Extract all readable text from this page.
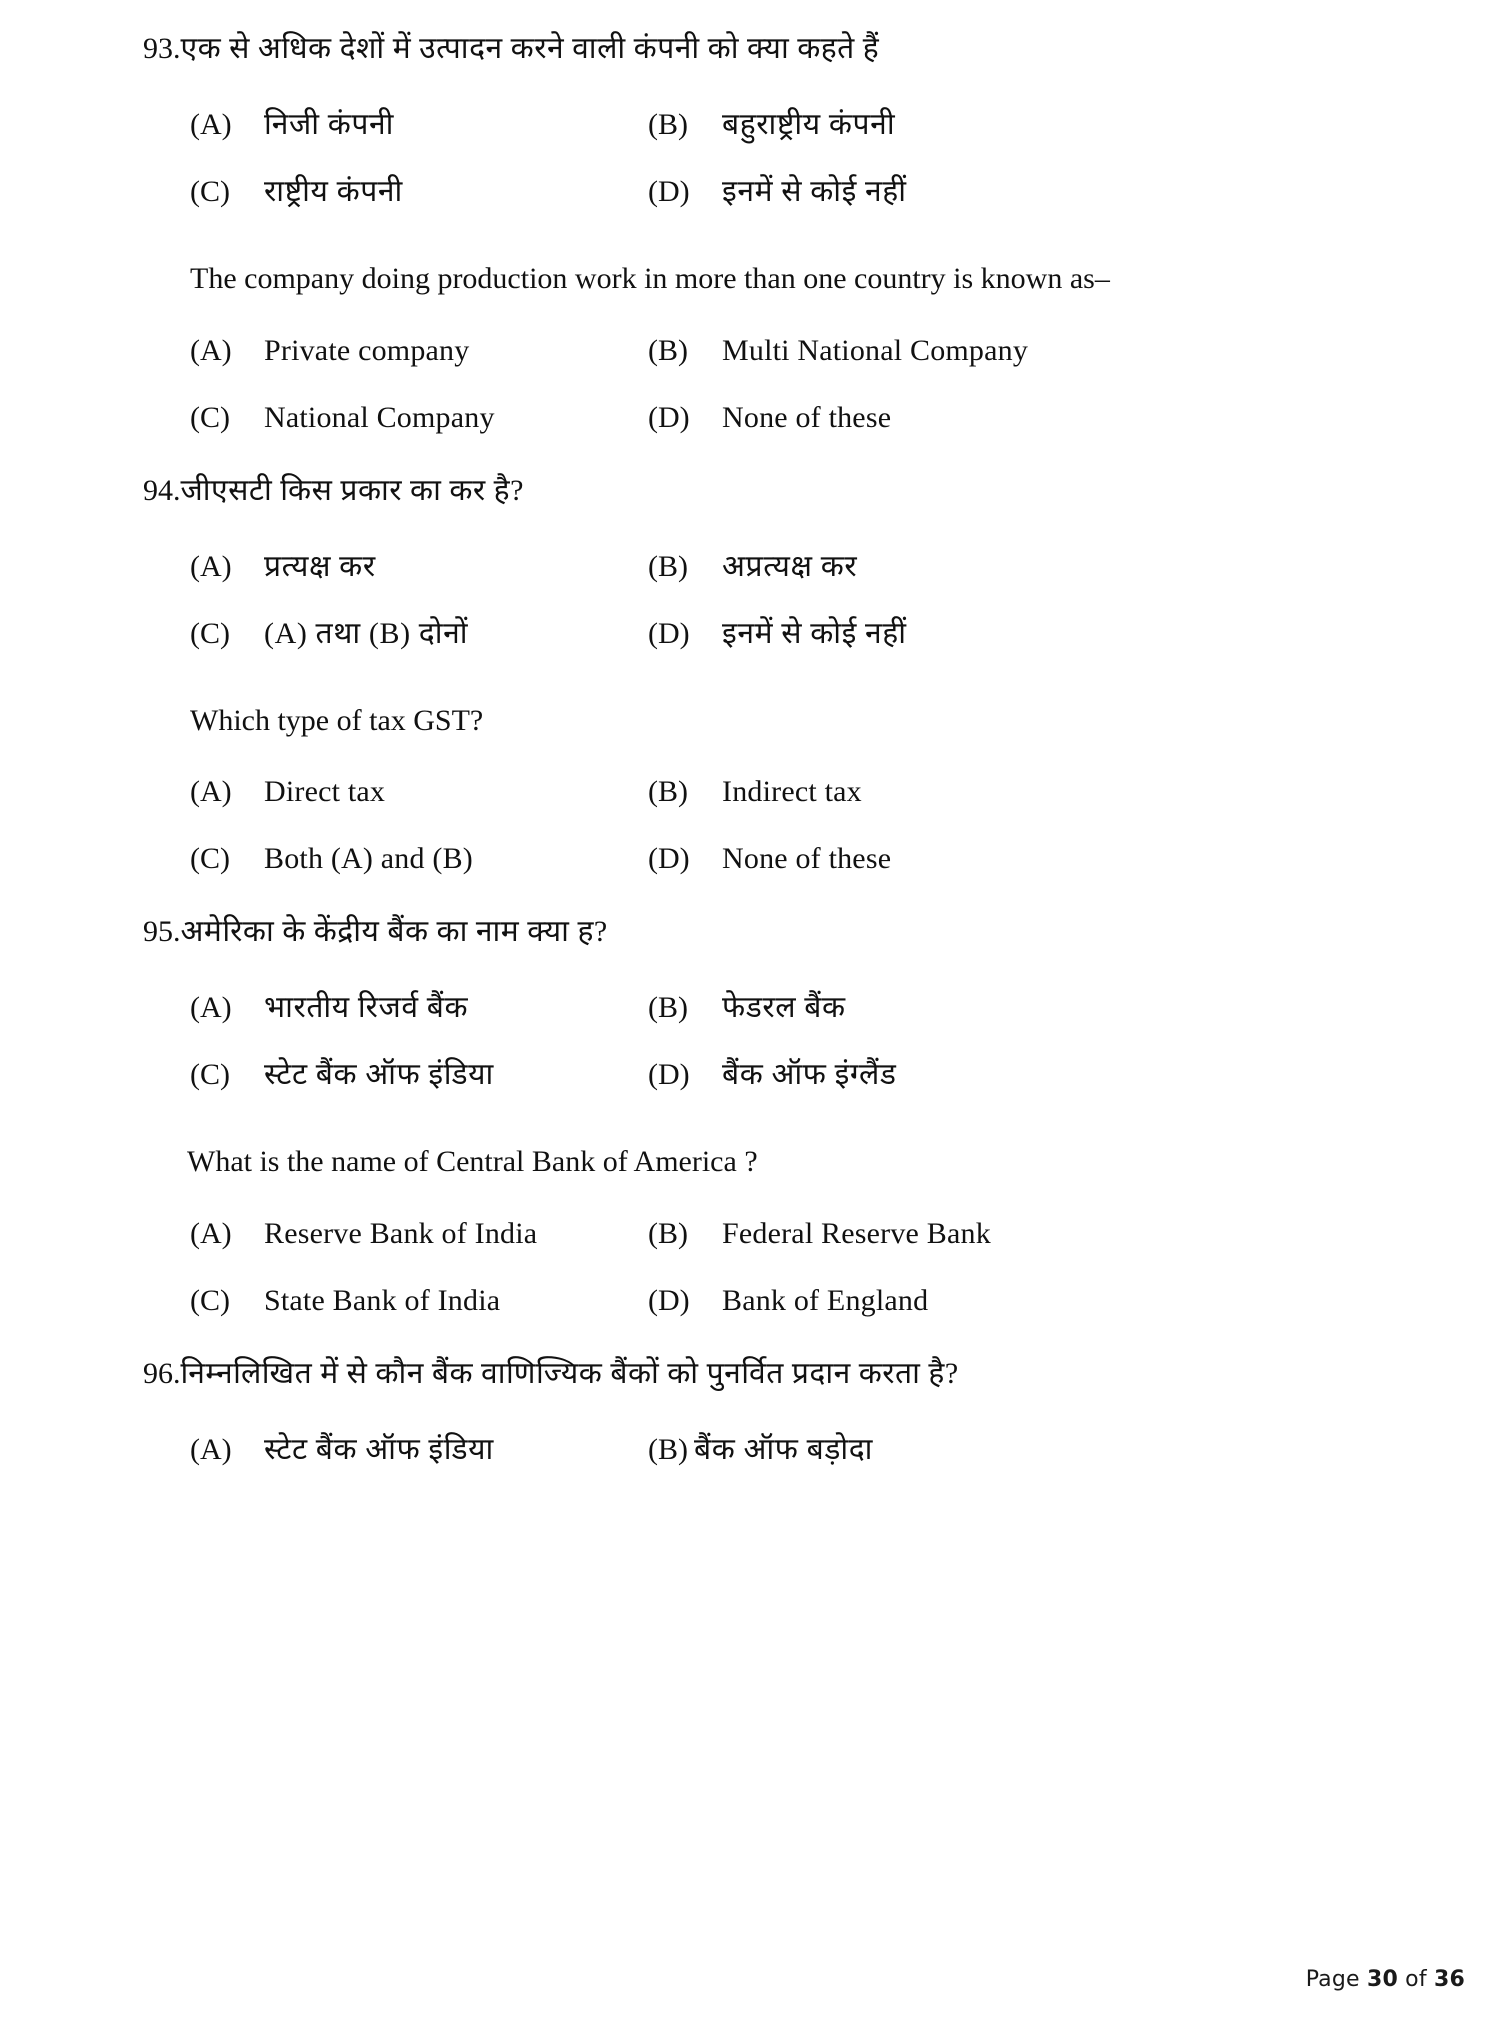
93. एक से अधिक देशों में उत्पादन करने वाली कंपनी को क्या कहते हैं
(A)	निजी कंपनी	(B)	बहुराष्ट्रीय कंपनी
(C)	राष्ट्रीय कंपनी	(D)	इनमें से कोई नहीं
The company doing production work in more than one country is known as–
(A)	Private company	(B)	Multi National Company
(C)	National Company	(D)	None of these
94. जीएसटी किस प्रकार का कर है?
(A)	प्रत्यक्ष कर	(B)	अप्रत्यक्ष कर
(C)	(A) तथा (B) दोनों	(D)	इनमें से कोई नहीं
Which type of tax GST?
(A)	Direct tax	(B)	Indirect tax
(C)	Both (A) and (B)	(D)	None of these
95. अमेरिका के केंद्रीय बैंक का नाम क्या ह?
(A)	भारतीय रिजर्व बैंक	(B)	फेडरल बैंक
(C)	स्टेट बैंक ऑफ इंडिया	(D)	बैंक ऑफ इंग्लैंड
What is the name of Central Bank of America ?
(A)	Reserve Bank of India	(B)	Federal Reserve Bank
(C)	State Bank of India	(D)	Bank of England
96. निम्नलिखित में से कौन बैंक वाणिज्यिक बैंकों को पुनर्वित प्रदान करता है?
(A)	स्टेट बैंक ऑफ इंडिया	(B) बैंक ऑफ बड़ोदा
Page 30 of 36
